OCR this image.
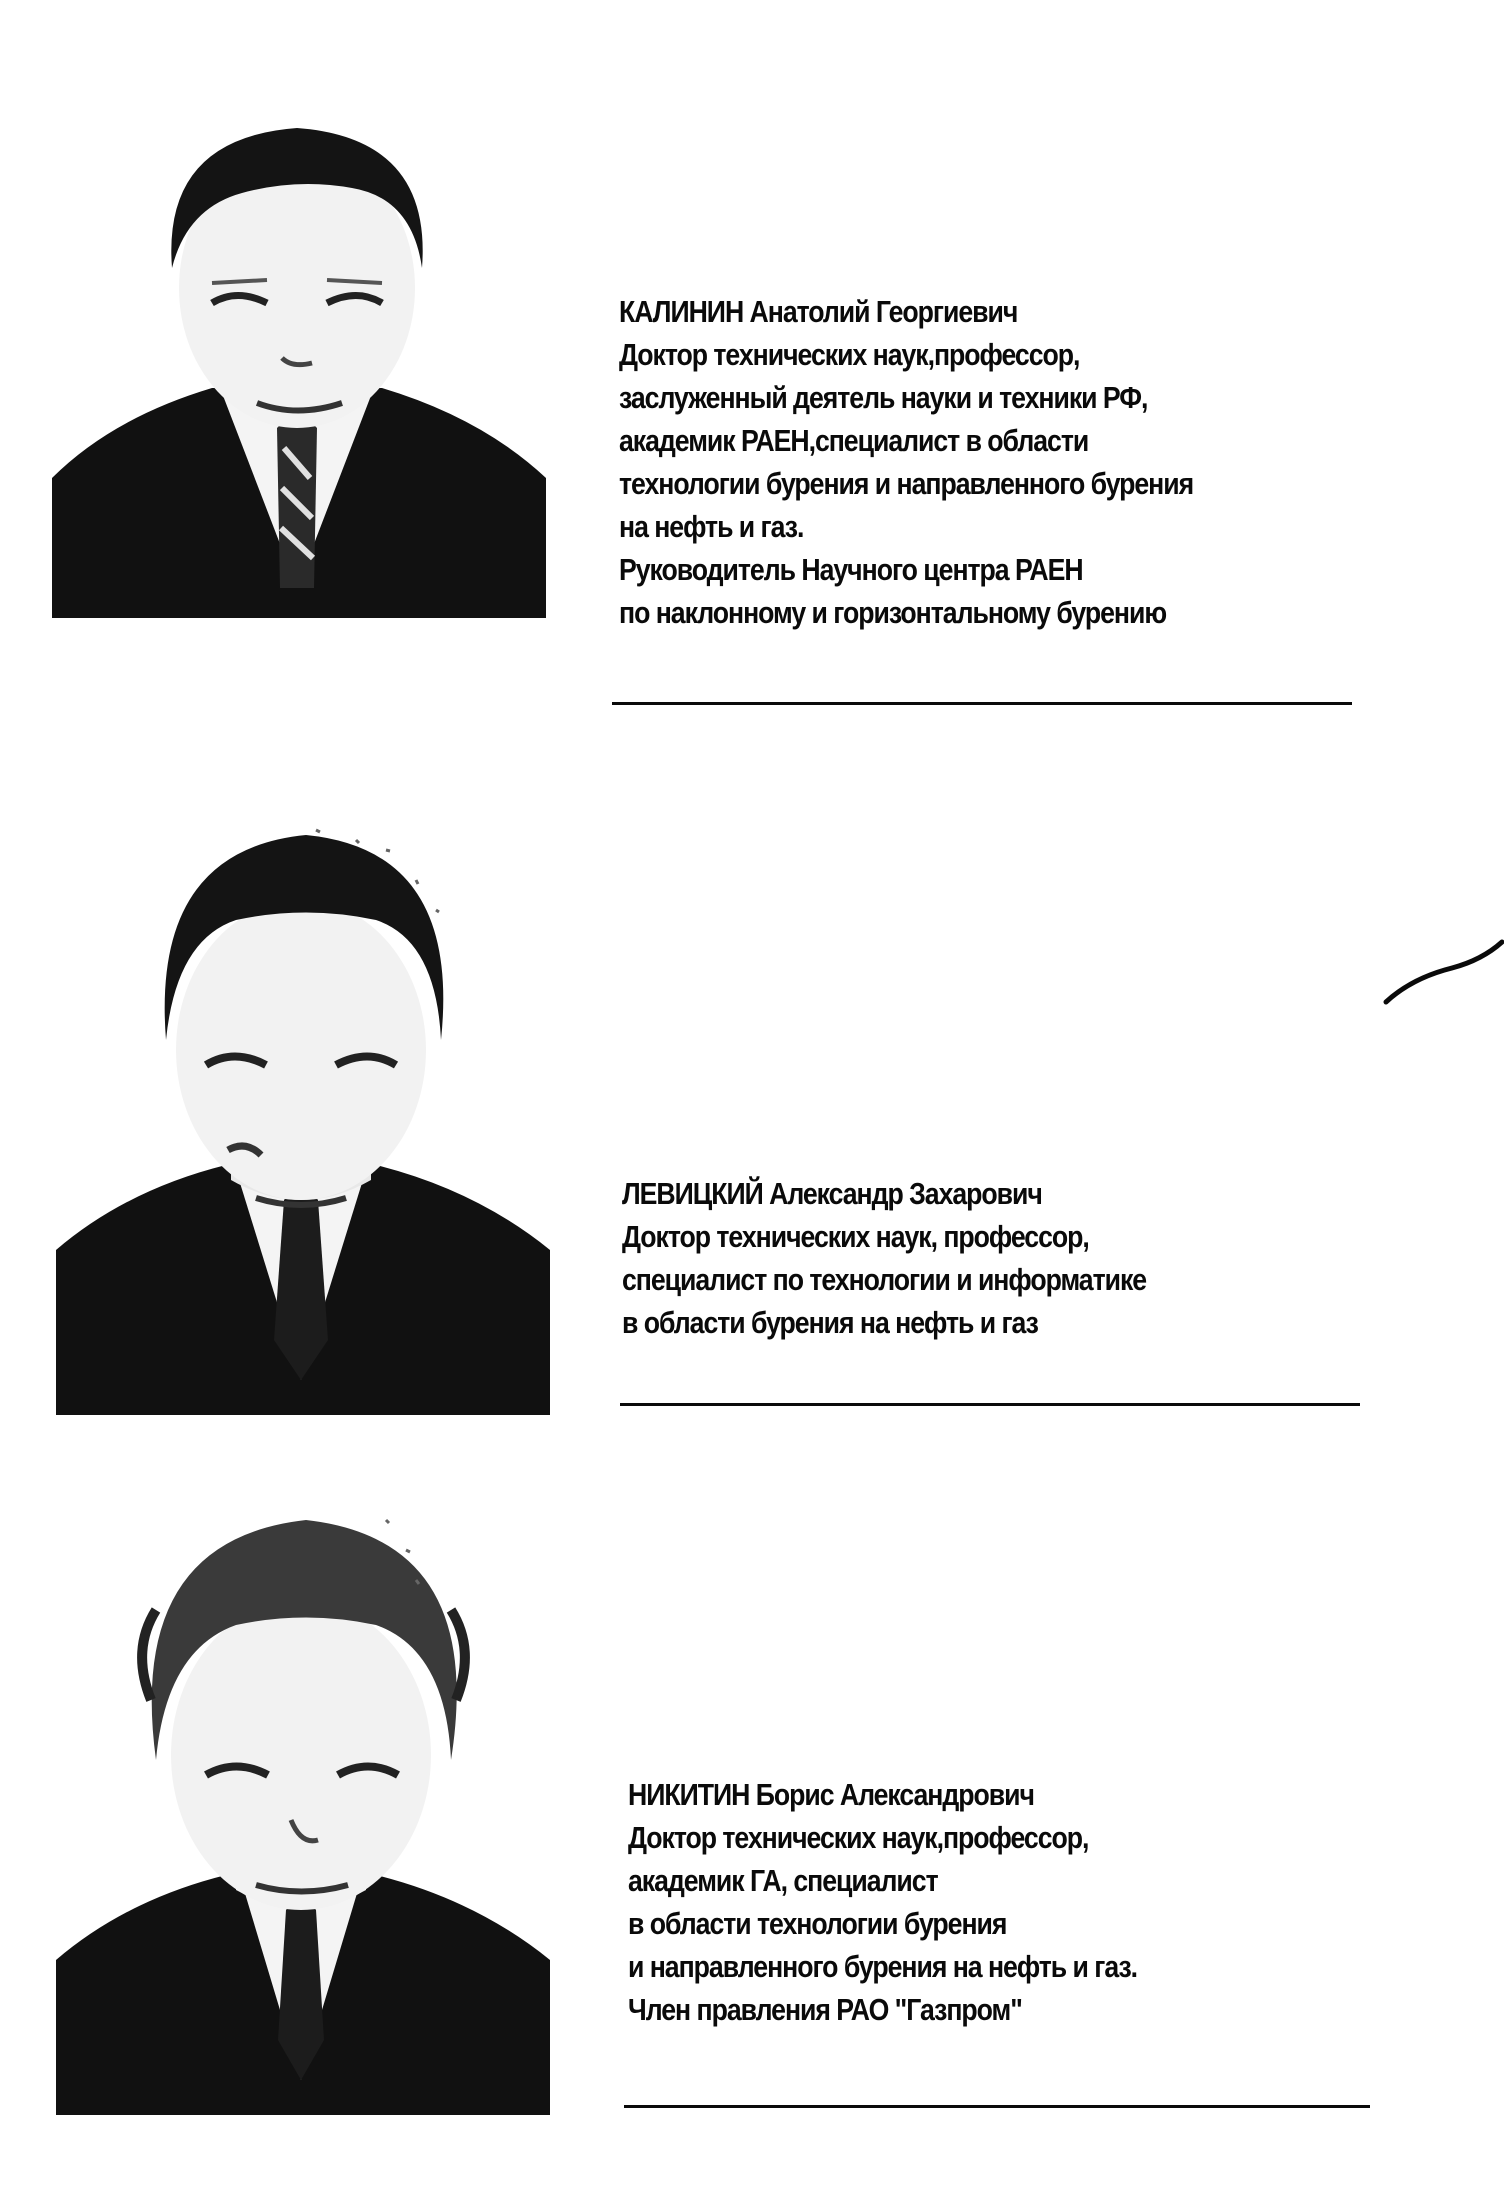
КАЛИНИН Анатолий Георгиевич
Доктор технических наук,профессор,
заслуженный деятель науки и техники РФ,
академик РАЕН,специалист в области
технологии бурения и направленного бурения
на нефть и газ.
Руководитель Научного центра РАЕН
по наклонному и горизонтальному бурению
ЛЕВИЦКИЙ Александр Захарович
Доктор технических наук, профессор,
специалист по технологии и информатике
в области бурения на нефть и газ
НИКИТИН Борис Александрович
Доктор технических наук,профессор,
академик ГА, специалист
в области технологии бурения
и направленного бурения на нефть и газ.
Член правления РАО "Газпром"
